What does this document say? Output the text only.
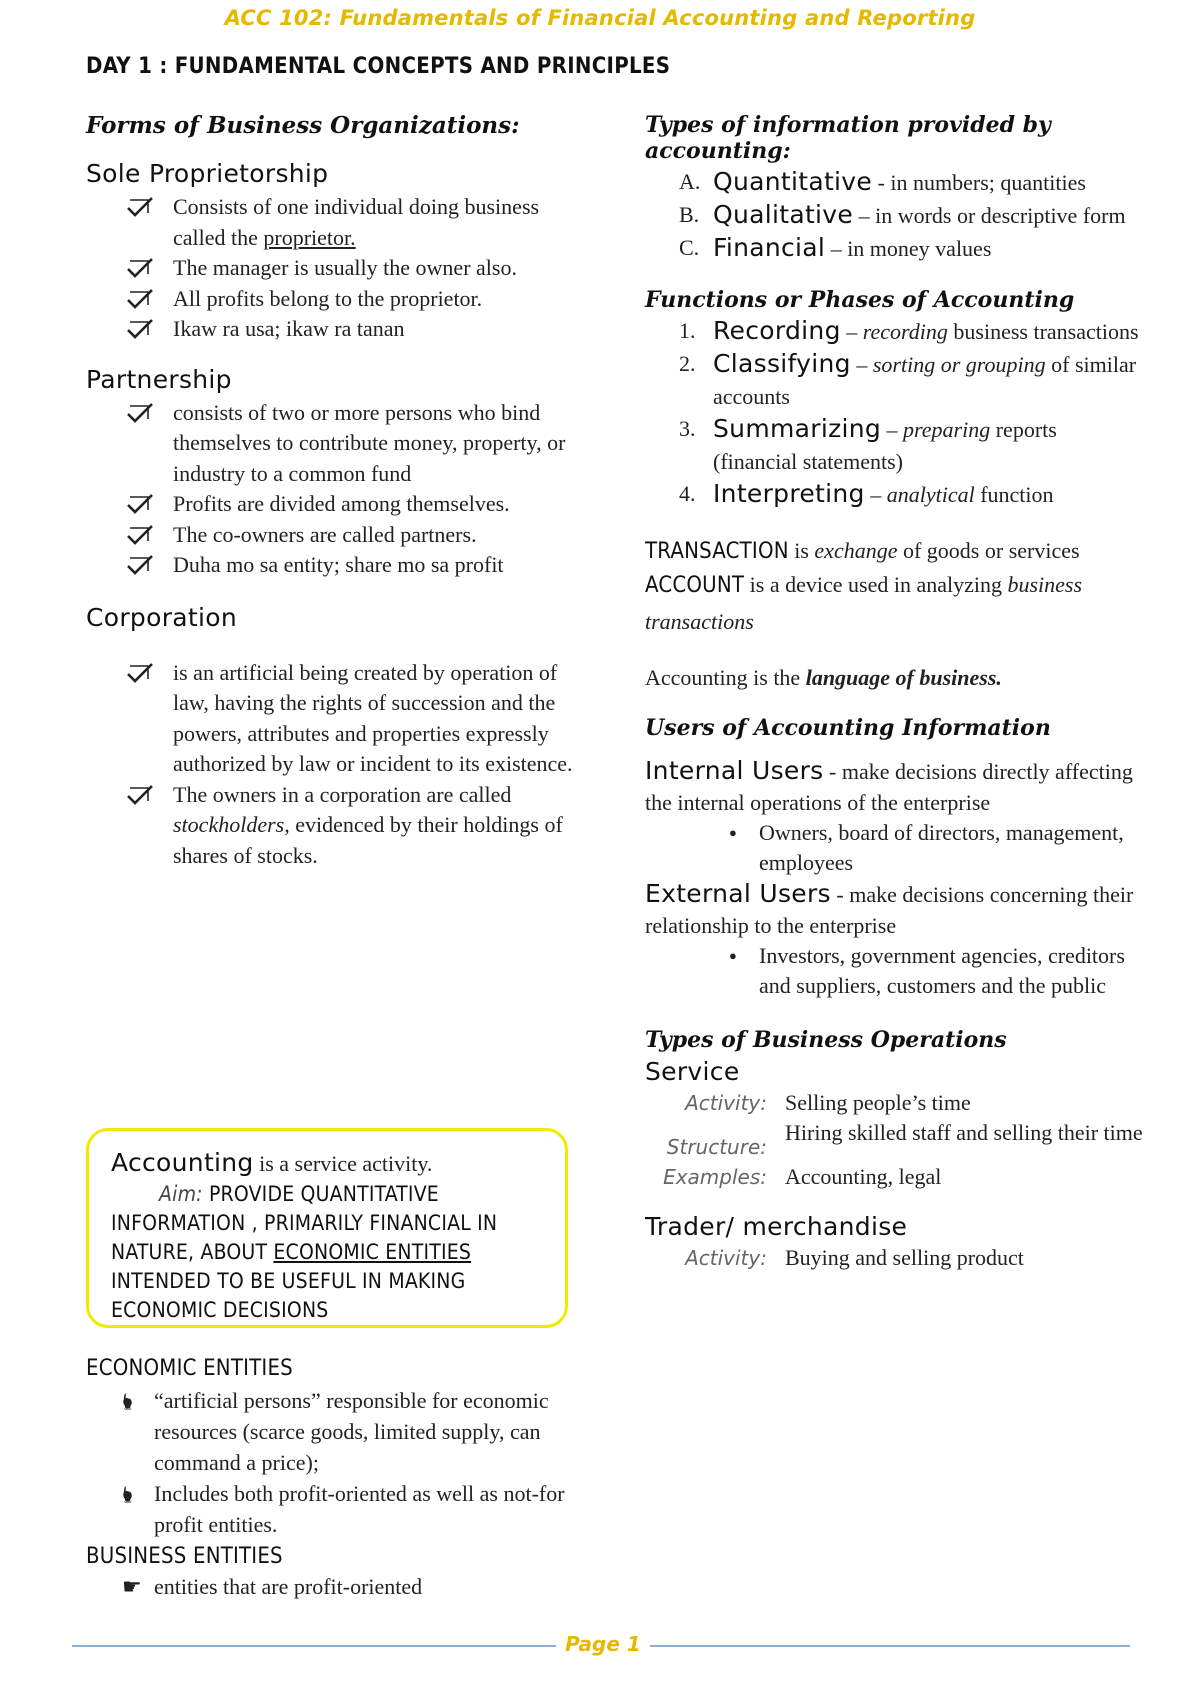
ACC 102: Fundamentals of Financial Accounting and Reporting
DAY 1 : FUNDAMENTAL CONCEPTS AND PRINCIPLES
Forms of Business Organizations:
Sole Proprietorship
Consists of one individual doing business called the proprietor.
The manager is usually the owner also.
All profits belong to the proprietor.
Ikaw ra usa; ikaw ra tanan
Partnership
consists of two or more persons who bind themselves to contribute money, property, or industry to a common fund
Profits are divided among themselves.
The co-owners are called partners.
Duha mo sa entity; share mo sa profit
Corporation
is an artificial being created by operation of law, having the rights of succession and the powers, attributes and properties expressly authorized by law or incident to its existence.
The owners in a corporation are called stockholders, evidenced by their holdings of shares of stocks.
Accounting is a service activity.
Aim: PROVIDE QUANTITATIVE INFORMATION , PRIMARILY FINANCIAL IN NATURE, ABOUT ECONOMIC ENTITIES INTENDED TO BE USEFUL IN MAKING ECONOMIC DECISIONS
ECONOMIC ENTITIES
🖢 “artificial persons” responsible for economic resources (scarce goods, limited supply, can command a price);
🖢 Includes both profit-oriented as well as not-for profit entities.
BUSINESS ENTITIES
☛ entities that are profit-oriented
Types of information provided by accounting:
A. Quantitative - in numbers; quantities
B. Qualitative – in words or descriptive form
C. Financial – in money values
Functions or Phases of Accounting
1. Recording – recording business transactions
2. Classifying – sorting or grouping of similar accounts
3. Summarizing – preparing reports (financial statements)
4. Interpreting – analytical function
TRANSACTION is exchange of goods or services
ACCOUNT is a device used in analyzing business transactions
Accounting is the language of business.
Users of Accounting Information
Internal Users - make decisions directly affecting the internal operations of the enterprise
● Owners, board of directors, management, employees
External Users - make decisions concerning their relationship to the enterprise
● Investors, government agencies, creditors and suppliers, customers and the public
Types of Business Operations
Service
Activity: Selling people’s time
Structure:
Hiring skilled staff and selling their time
Examples: Accounting, legal
Trader/ merchandise
Activity: Buying and selling product
Page 1
